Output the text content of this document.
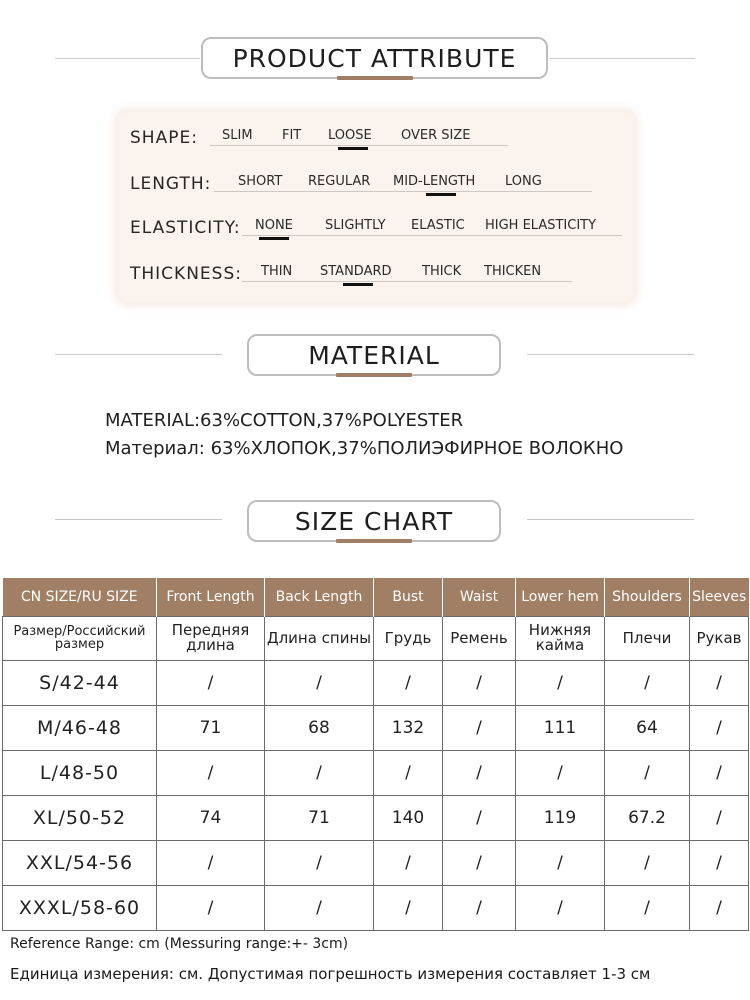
PRODUCT ATTRIBUTE
SHAPE: SLIM FIT LOOSE OVER SIZE
LENGTH: SHORT REGULAR MID-LENGTH LONG
ELASTICITY: NONE SLIGHTLY ELASTIC HIGH ELASTICITY
THICKNESS: THIN STANDARD THICK THICKEN
MATERIAL
MATERIAL:63%COTTON,37%POLYESTER
Материал: 63%ХЛОПОК,37%ПОЛИЭФИРНОЕ ВОЛОКНО
SIZE CHART
CN SIZE/RU SIZE	Front Length	Back Length	Bust	Waist	Lower hem	Shoulders	Sleeves
Размер/Российский размер	Передняя длина	Длина спины	Грудь	Ремень	Нижняя кайма	Плечи	Рукав
S/42-44	/	/	/	/	/	/	/
M/46-48	71	68	132	/	111	64	/
L/48-50	/	/	/	/	/	/	/
XL/50-52	74	71	140	/	119	67.2	/
XXL/54-56	/	/	/	/	/	/	/
XXXL/58-60	/	/	/	/	/	/	/
Reference Range: cm (Messuring range:+- 3cm)
Единица измерения: см. Допустимая погрешность измерения составляет 1-3 см
